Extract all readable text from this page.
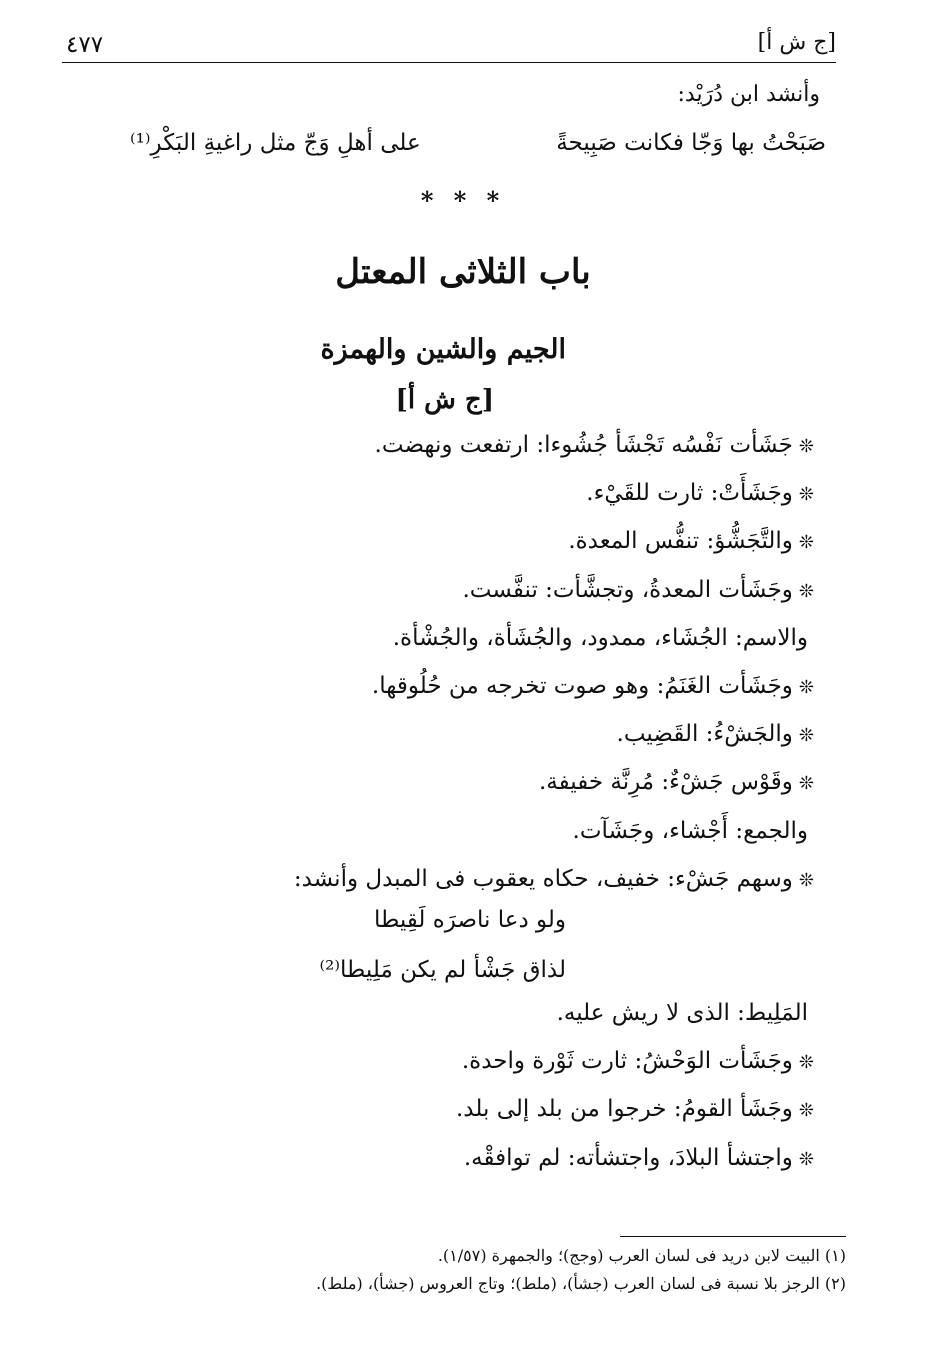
[ج ش أ]
٤٧٧
وأنشد ابن دُرَيْد:
صَبَحْتُ بها وَجّا فكانت صَبِيحةً
على أهلِ وَجّ مثل راغيةِ البَكْرِ⁽¹⁾
* * *
باب الثلاثى المعتل
الجيم والشين والهمزة
[ج ش أ]
❊جَشَأت نَفْسُه تَجْشَأ جُشُوءا: ارتفعت ونهضت.
❊وجَشَأَتْ: ثارت للقَيْء.
❊والتَّجَشُّؤ: تنفُّس المعدة.
❊وجَشَأت المعدةُ، وتجشَّأت: تنفَّست.
والاسم: الجُشَاء، ممدود، والجُشَأة، والجُشْأة.
❊وجَشَأت الغَنَمُ: وهو صوت تخرجه من حُلُوقها.
❊والجَشْءُ: القَضِيب.
❊وقَوْس جَشْءٌ: مُرِنَّة خفيفة.
والجمع: أَجْشاء، وجَشَآت.
❊وسهم جَشْء: خفيف، حكاه يعقوب فى المبدل وأنشد:
ولو دعا ناصرَه لَقِيطا
لذاق جَشْأ لم يكن مَلِيطا⁽²⁾
المَلِيط: الذى لا ريش عليه.
❊وجَشَأت الوَحْشُ: ثارت ثَوْرة واحدة.
❊وجَشَأ القومُ: خرجوا من بلد إلى بلد.
❊واجتشأ البلادَ، واجتشأته: لم توافقْه.
(١) البيت لابن دريد فى لسان العرب (وجج)؛ والجمهرة (١/٥٧).
(٢) الرجز بلا نسبة فى لسان العرب (جشأ)، (ملط)؛ وتاج العروس (جشأ)، (ملط).
